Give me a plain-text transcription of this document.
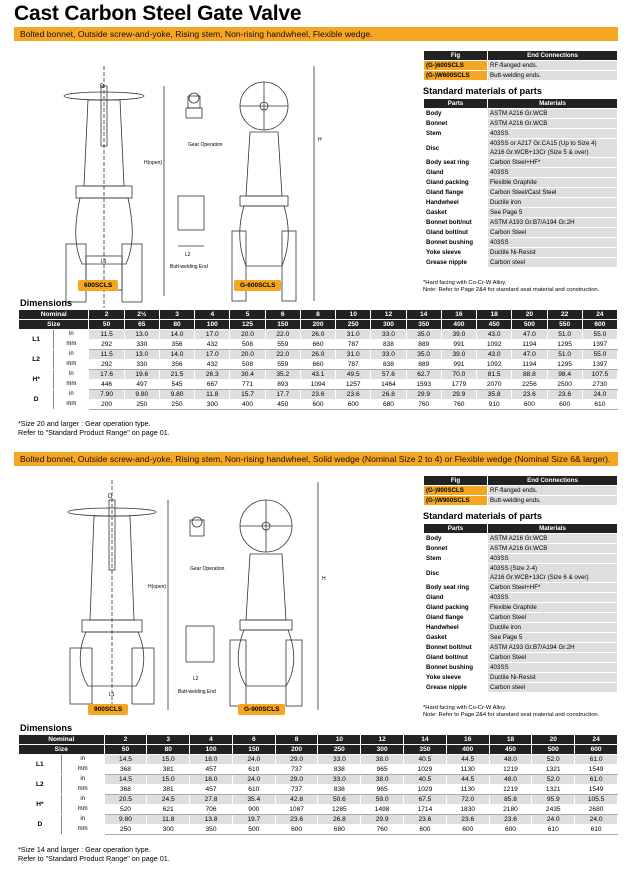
Cast Carbon Steel Gate Valve
Bolted bonnet, Outside screw-and-yoke, Rising stem, Non-rising handwheel, Flexible wedge.
Bolted bonnet, Outside screw-and-yoke, Rising stem, Non-rising handwheel, Solid wedge (Nominal Size 2 to 4) or Flexible wedge (Nominal Size 6& larger).
D
H(open)
L1
L2
H
Gear Operation
Butt-welding End
600SCLS	G-600SCLS
Fig	End Connections
(G-)600SCLS	RF-flanged ends.
(G-)W600SCLS	Butt-welding ends.
Standard materials of parts
Parts	Materials
Body	ASTM A216 Gr.WCB
Bonnet	ASTM A216 Gr.WCB
Stem	403SS
Disc	403SS or A217 Gr.CA15 (Up to Size 4)
A216 Gr.WCB+13Cr (Size 5 & over)
Body seat ring	Carbon Steel+HF*
Gland	403SS
Gland packing	Flexible Graphite
Gland flange	Carbon Steel/Cast Steel
Handwheel	Ductile iron
Gasket	See Page 5
Bonnet bolt/nut	ASTM A193 Gr.B7/A194 Gr.2H
Gland bolt/nut	Carbon Steel
Bonnet bushing	403SS
Yoke sleeve	Ductile Ni-Resist
Grease nipple	Carbon steel
*Hard facing with Co-Cr-W Alloy.
Note: Refer to Page 2&4 for standard seat material and construction.
Dimensions
Nominal		2	2½	3	4	5	6	8	10	12	14	16	18	20	22	24
Size		50	65	80	100	125	150	200	250	300	350	400	450	500	550	600
L1	in	11.5	13.0	14.0	17.0	20.0	22.0	26.0	31.0	33.0	35.0	39.0	43.0	47.0	51.0	55.0
	mm	292	330	356	432	508	559	660	787	838	889	991	1092	1194	1295	1397
L2	in	11.5	13.0	14.0	17.0	20.0	22.0	26.0	31.0	33.0	35.0	39.0	43.0	47.0	51.0	55.0
	mm	292	330	356	432	508	559	660	787	838	889	991	1092	1194	1295	1397
H*	in	17.6	19.6	21.5	26.3	30.4	35.2	43.1	49.5	57.6	62.7	70.0	81.5	88.8	98.4	107.5
	mm	446	497	545	667	771	893	1094	1257	1464	1593	1779	2070	2256	2500	2730
D	in	7.90	9.80	9.80	11.8	15.7	17.7	23.6	23.6	26.8	29.9	29.9	35.8	23.6	23.6	24.0
	mm	200	250	250	300	400	450	600	600	680	760	760	910	600	600	610
*Size 20 and larger : Gear operation type.
Refer to "Standard Product Range" on page 01.
D
H(open)
L1
L2
H
Gear Operation
Butt-welding End
900SCLS	G-900SCLS
Fig	End Connections
(G-)900SCLS	RF-flanged ends.
(G-)W900SCLS	Butt-welding ends.
Standard materials of parts
Parts	Materials
Body	ASTM A216 Gr.WCB
Bonnet	ASTM A216 Gr.WCB
Stem	403SS
Disc	403SS (Size 2-4)
A216 Gr.WCB+13Cr (Size 6 & over)
Body seat ring	Carbon Steel+HF*
Gland	403SS
Gland packing	Flexible Graphite
Gland flange	Carbon Steel
Handwheel	Ductile iron
Gasket	See Page 5
Bonnet bolt/nut	ASTM A193 Gr.B7/A194 Gr.2H
Gland bolt/nut	Carbon Steel
Bonnet bushing	403SS
Yoke sleeve	Ductile Ni-Resist
Grease nipple	Carbon steel
*Hard facing with Co-Cr-W Alloy.
Note: Refer to Page 2&4 for standard seat material and construction.
Dimensions
Nominal		2	3	4	6	8	10	12	14	16	18	20	24
Size		50	80	100	150	200	250	300	350	400	450	500	600
L1	in	14.5	15.0	18.0	24.0	29.0	33.0	38.0	40.5	44.5	48.0	52.0	61.0
	mm	368	381	457	610	737	838	965	1029	1130	1219	1321	1549
L2	in	14.5	15.0	18.0	24.0	29.0	33.0	38.0	40.5	44.5	48.0	52.0	61.0
	mm	368	381	457	610	737	838	965	1029	1130	1219	1321	1549
H*	in	20.5	24.5	27.8	35.4	42.8	50.6	59.0	67.5	72.0	85.8	95.9	105.5
	mm	520	621	706	900	1087	1285	1498	1714	1830	2180	2435	2680
D	in	9.80	11.8	13.8	19.7	23.6	26.8	29.9	23.6	23.6	23.6	24.0	24.0
	mm	250	300	350	500	600	680	760	600	600	600	610	610
*Size 14 and larger : Gear operation type.
Refer to "Standard Product Range" on page 01.
